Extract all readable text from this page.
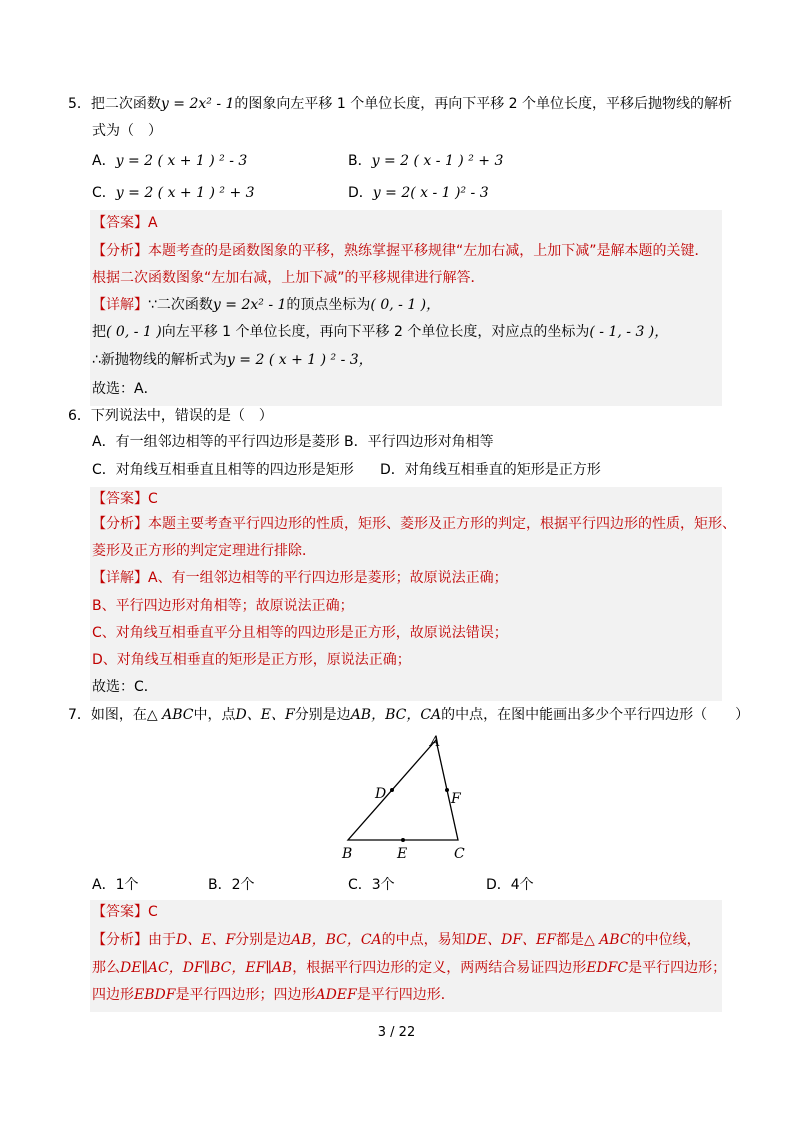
5．把二次函数y = 2x² - 1的图象向左平移 1 个单位长度，再向下平移 2 个单位长度，平移后抛物线的解析
式为（　）
A．y = 2 ( x + 1 ) ² - 3	B．y = 2 ( x - 1 ) ² + 3
C．y = 2 ( x + 1 ) ² + 3	D．y = 2( x - 1 )² - 3
【答案】A
【分析】本题考查的是函数图象的平移，熟练掌握平移规律“左加右减，上加下减”是解本题的关键．
根据二次函数图象“左加右减，上加下减”的平移规律进行解答．
【详解】∵二次函数y = 2x² - 1的顶点坐标为( 0, - 1 )，
把( 0, - 1 )向左平移 1 个单位长度，再向下平移 2 个单位长度，对应点的坐标为( - 1, - 3 )，
∴新抛物线的解析式为y = 2 ( x + 1 ) ² - 3，
故选：A．
6．下列说法中，错误的是（　）
A．有一组邻边相等的平行四边形是菱形 B．平行四边形对角相等
C．对角线互相垂直且相等的四边形是矩形 D．对角线互相垂直的矩形是正方形
【答案】C
【分析】本题主要考查平行四边形的性质，矩形、菱形及正方形的判定，根据平行四边形的性质，矩形、
菱形及正方形的判定定理进行排除．
【详解】A、有一组邻边相等的平行四边形是菱形；故原说法正确；
B、平行四边形对角相等；故原说法正确；
C、对角线互相垂直平分且相等的四边形是正方形，故原说法错误；
D、对角线互相垂直的矩形是正方形，原说法正确；
故选：C．
7．如图，在△ ABC中，点D、E、F分别是边AB，BC，CA的中点，在图中能画出多少个平行四边形（　　）
A
B	C
D
E
F
A．1个	B．2个	C．3个	D．4个
【答案】C
【分析】由于D、E、F分别是边AB，BC，CA的中点，易知DE、DF、EF都是△ ABC的中位线，
那么DE∥AC，DF∥BC，EF∥AB，根据平行四边形的定义，两两结合易证四边形EDFC是平行四边形；
四边形EBDF是平行四边形；四边形ADEF是平行四边形．
3 / 22
